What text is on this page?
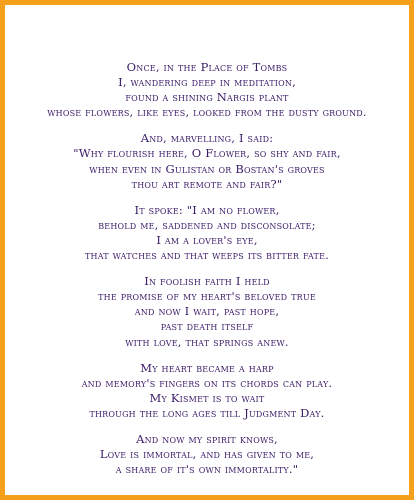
Once, in the Place of Tombs
I, wandering deep in meditation,
found a shining Nargis plant
whose flowers, like eyes, looked from the dusty ground.
And, marvelling, I said:
"Why flourish here, O Flower, so shy and fair,
when even in Gulistan or Bostan's groves
thou art remote and fair?"
It spoke: "I am no flower,
behold me, saddened and disconsolate;
I am a lover's eye,
that watches and that weeps its bitter fate.
In foolish faith I held
the promise of my heart's beloved true
and now I wait, past hope,
past death itself
with love, that springs anew.
My heart became a harp
and memory's fingers on its chords can play.
My Kismet is to wait
through the long ages till Judgment Day.
And now my spirit knows,
Love is immortal, and has given to me,
a share of it's own immortality."
